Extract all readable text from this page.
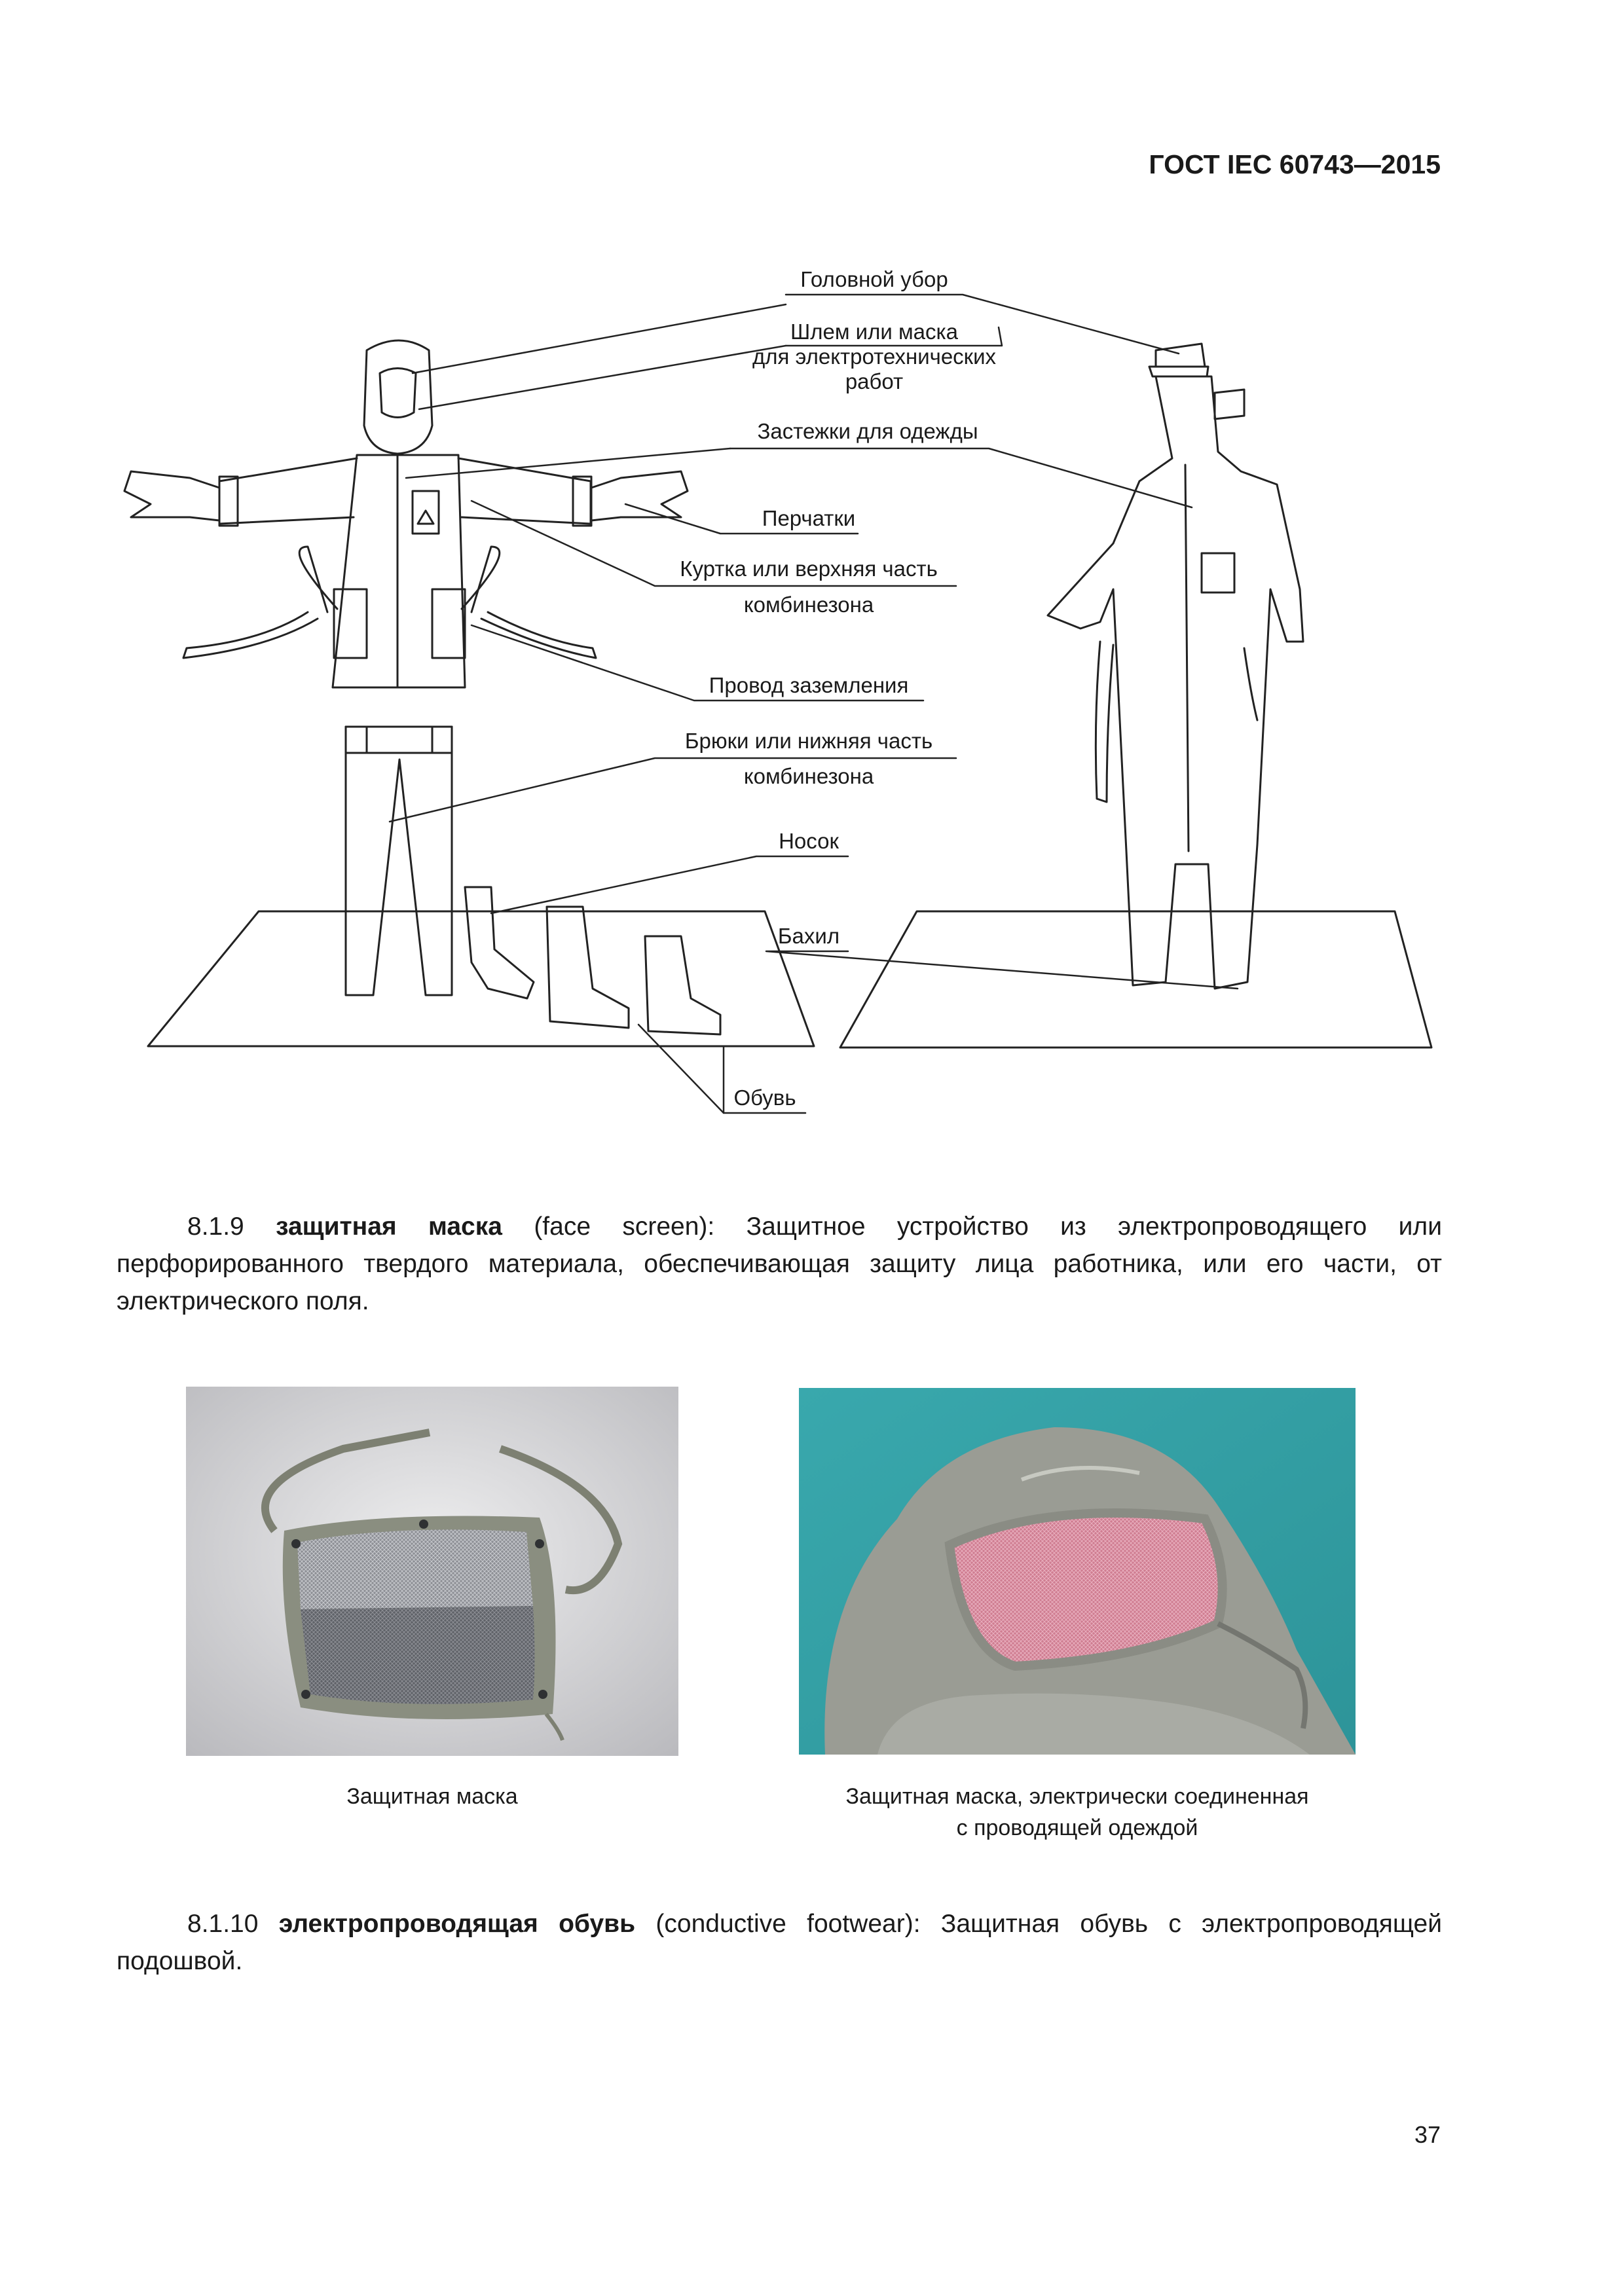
ГОСТ IEC 60743—2015
Головной убор
Шлем или маска
для электротехнических
работ
Застежки для одежды
Перчатки
Куртка или верхняя часть
комбинезона
Провод заземления
Брюки или нижняя часть
комбинезона
Носок
Бахил
Обувь

8.1.9 защитная маска (face screen): Защитное устройство из электропроводящего или перфорированного твердого материала, обеспечивающая защиту лица работника, или его части, от электрического поля.

Защитная маска	Защитная маска, электрически соединенная
с проводящей одеждой

8.1.10 электропроводящая обувь (conductive footwear): Защитная обувь с электропроводящей подошвой.

37
